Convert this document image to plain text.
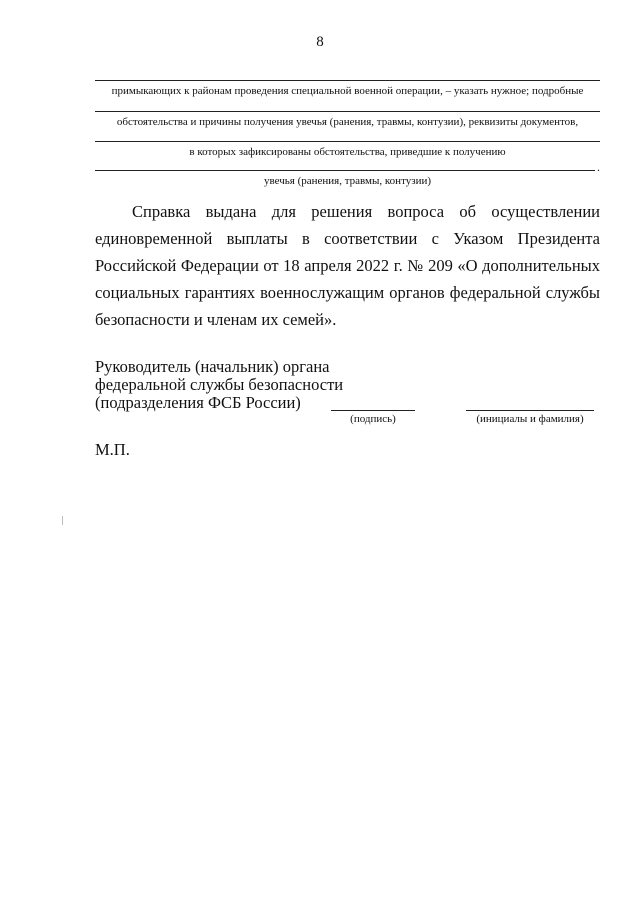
8
примыкающих к районам проведения специальной военной операции, – указать нужное; подробные
обстоятельства и причины получения увечья (ранения, травмы, контузии), реквизиты документов,
в которых зафиксированы обстоятельства, приведшие к получению
.
увечья (ранения, травмы, контузии)

Справка выдана для решения вопроса об осуществлении единовременной выплаты в соответствии с Указом Президента Российской Федерации от 18 апреля 2022 г. № 209 «О дополнительных социальных гарантиях военнослужащим органов федеральной службы безопасности и членам их семей».

Руководитель (начальник) органа
федеральной службы безопасности
(подразделения ФСБ России)
(подпись)	(инициалы и фамилия)
М.П.
